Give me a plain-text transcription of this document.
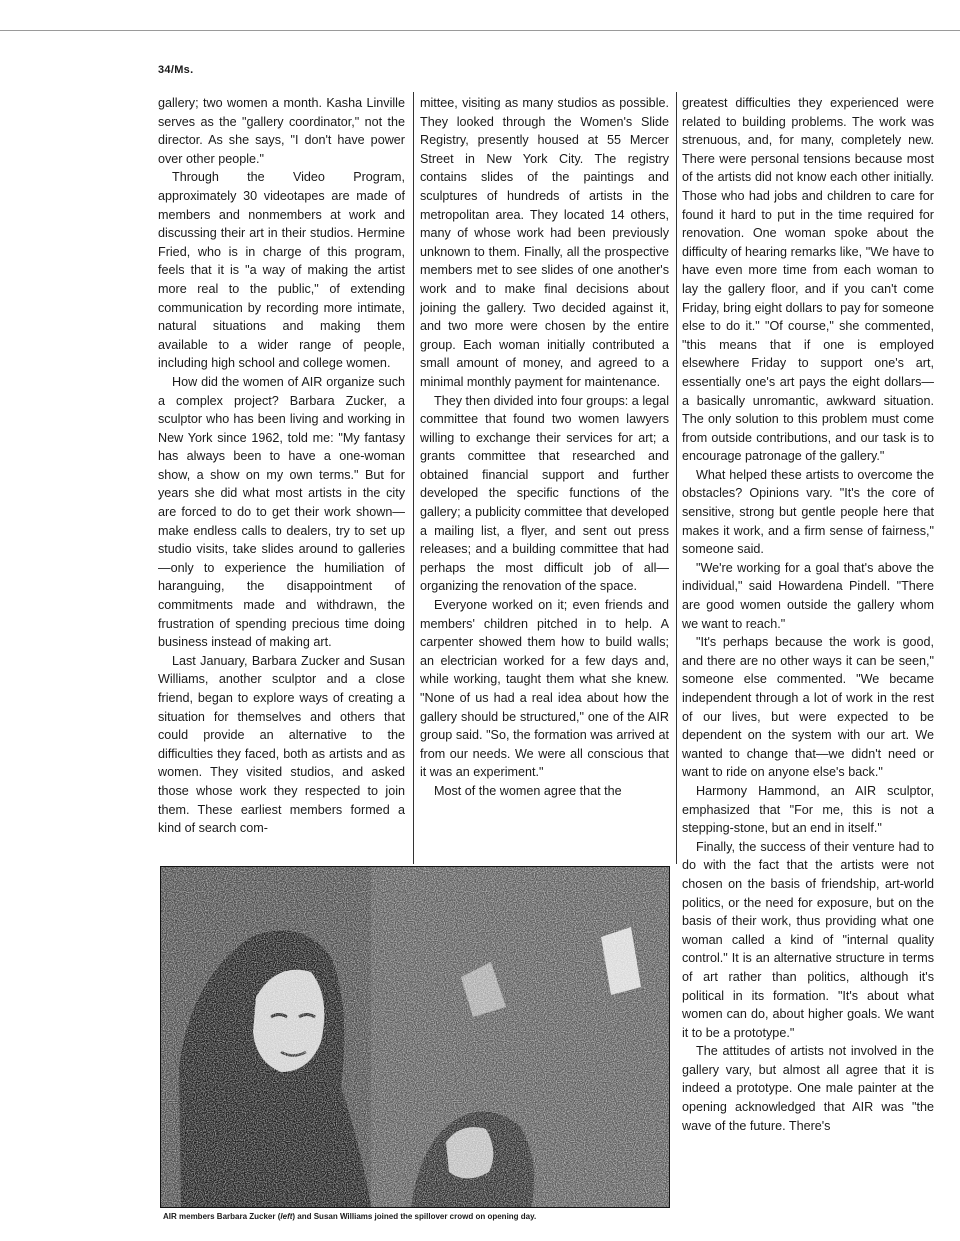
34/Ms.

gallery; two women a month. Kasha Linville serves as the "gallery coordinator," not the director. As she says, "I don't have power over other people."

Through the Video Program, approximately 30 videotapes are made of members and nonmembers at work and discussing their art in their studios. Hermine Fried, who is in charge of this program, feels that it is "a way of making the artist more real to the public," of extending communication by recording more intimate, natural situations and making them available to a wider range of people, including high school and college women.

How did the women of AIR organize such a complex project? Barbara Zucker, a sculptor who has been living and working in New York since 1962, told me: "My fantasy has always been to have a one-woman show, a show on my own terms." But for years she did what most artists in the city are forced to do to get their work shown—make endless calls to dealers, try to set up studio visits, take slides around to galleries—only to experience the humiliation of haranguing, the disappointment of commitments made and withdrawn, the frustration of spending precious time doing business instead of making art.

Last January, Barbara Zucker and Susan Williams, another sculptor and a close friend, began to explore ways of creating a situation for themselves and others that could provide an alternative to the difficulties they faced, both as artists and as women. They visited studios, and asked those whose work they respected to join them. These earliest members formed a kind of search com-

mittee, visiting as many studios as possible. They looked through the Women's Slide Registry, presently housed at 55 Mercer Street in New York City. The registry contains slides of the paintings and sculptures of hundreds of artists in the metropolitan area. They located 14 others, many of whose work had been previously unknown to them. Finally, all the prospective members met to see slides of one another's work and to make final decisions about joining the gallery. Two decided against it, and two more were chosen by the entire group. Each woman initially contributed a small amount of money, and agreed to a minimal monthly payment for maintenance.

They then divided into four groups: a legal committee that found two women lawyers willing to exchange their services for art; a grants committee that researched and obtained financial support and further developed the specific functions of the gallery; a publicity committee that developed a mailing list, a flyer, and sent out press releases; and a building committee that had perhaps the most difficult job of all—organizing the renovation of the space.

Everyone worked on it; even friends and members' children pitched in to help. A carpenter showed them how to build walls; an electrician worked for a few days and, while working, taught them what she knew. "None of us had a real idea about how the gallery should be structured," one of the AIR group said. "So, the formation was arrived at from our needs. We were all conscious that it was an experiment."

Most of the women agree that the

greatest difficulties they experienced were related to building problems. The work was strenuous, and, for many, completely new. There were personal tensions because most of the artists did not know each other initially. Those who had jobs and children to care for found it hard to put in the time required for renovation. One woman spoke about the difficulty of hearing remarks like, "We have to have even more time from each woman to lay the gallery floor, and if you can't come Friday, bring eight dollars to pay for someone else to do it." "Of course," she commented, "this means that if one is employed elsewhere Friday to support one's art, essentially one's art pays the eight dollars—a basically unromantic, awkward situation. The only solution to this problem must come from outside contributions, and our task is to encourage patronage of the gallery."

What helped these artists to overcome the obstacles? Opinions vary. "It's the core of sensitive, strong but gentle people here that makes it work, and a firm sense of fairness," someone said.

"We're working for a goal that's above the individual," said Howardena Pindell. "There are good women outside the gallery whom we want to reach."

"It's perhaps because the work is good, and there are no other ways it can be seen," someone else commented. "We became independent through a lot of work in the rest of our lives, but were expected to be dependent on the system with our art. We wanted to change that—we didn't need or want to ride on anyone else's back."

Harmony Hammond, an AIR sculptor, emphasized that "For me, this is not a stepping-stone, but an end in itself."

Finally, the success of their venture had to do with the fact that the artists were not chosen on the basis of friendship, art-world politics, or the need for exposure, but on the basis of their work, thus providing what one woman called a kind of "internal quality control." It is an alternative structure in terms of art rather than politics, although it's political in its formation. "It's about what women can do, about higher goals. We want it to be a prototype."

The attitudes of artists not involved in the gallery vary, but almost all agree that it is indeed a prototype. One male painter at the opening acknowledged that AIR was "the wave of the future. There's

AIR members Barbara Zucker (left) and Susan Williams joined the spillover crowd on opening day.
